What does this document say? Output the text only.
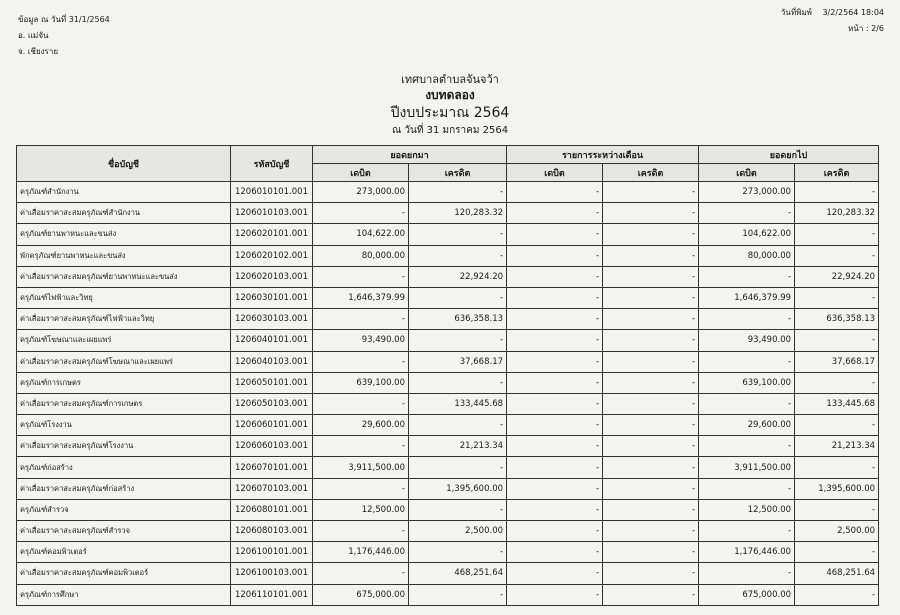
ข้อมูล ณ วันที่ 31/1/2564
อ. แม่จัน
จ. เชียงราย
วันที่พิมพ์ 3/2/2564 18:04
หน้า : 2/6
เทศบาลตำบลจันจว้า
งบทดลอง
ปีงบประมาณ 2564
ณ วันที่ 31 มกราคม 2564
ชื่อบัญชี	รหัสบัญชี	ยอดยกมา		รายการระหว่างเดือน		ยอดยกไป	
		เดบิต	เครดิต	เดบิต	เครดิต	เดบิต	เครดิต
ครุภัณฑ์สำนักงาน	1206010101.001	273,000.00	-	-	-	273,000.00	-
ค่าเสื่อมราคาสะสมครุภัณฑ์สำนักงาน	1206010103.001	-	120,283.32	-	-	-	120,283.32
ครุภัณฑ์ยานพาหนะและขนส่ง	1206020101.001	104,622.00	-	-	-	104,622.00	-
พักครุภัณฑ์ยานพาหนะและขนส่ง	1206020102.001	80,000.00	-	-	-	80,000.00	-
ค่าเสื่อมราคาสะสมครุภัณฑ์ยานพาหนะและขนส่ง	1206020103.001	-	22,924.20	-	-	-	22,924.20
ครุภัณฑ์ไฟฟ้าและวิทยุ	1206030101.001	1,646,379.99	-	-	-	1,646,379.99	-
ค่าเสื่อมราคาสะสมครุภัณฑ์ไฟฟ้าและวิทยุ	1206030103.001	-	636,358.13	-	-	-	636,358.13
ครุภัณฑ์โฆษณาและเผยแพร่	1206040101.001	93,490.00	-	-	-	93,490.00	-
ค่าเสื่อมราคาสะสมครุภัณฑ์โฆษณาและเผยแพร่	1206040103.001	-	37,668.17	-	-	-	37,668.17
ครุภัณฑ์การเกษตร	1206050101.001	639,100.00	-	-	-	639,100.00	-
ค่าเสื่อมราคาสะสมครุภัณฑ์การเกษตร	1206050103.001	-	133,445.68	-	-	-	133,445.68
ครุภัณฑ์โรงงาน	1206060101.001	29,600.00	-	-	-	29,600.00	-
ค่าเสื่อมราคาสะสมครุภัณฑ์โรงงาน	1206060103.001	-	21,213.34	-	-	-	21,213.34
ครุภัณฑ์ก่อสร้าง	1206070101.001	3,911,500.00	-	-	-	3,911,500.00	-
ค่าเสื่อมราคาสะสมครุภัณฑ์ก่อสร้าง	1206070103.001	-	1,395,600.00	-	-	-	1,395,600.00
ครุภัณฑ์สำรวจ	1206080101.001	12,500.00	-	-	-	12,500.00	-
ค่าเสื่อมราคาสะสมครุภัณฑ์สำรวจ	1206080103.001	-	2,500.00	-	-	-	2,500.00
ครุภัณฑ์คอมพิวเตอร์	1206100101.001	1,176,446.00	-	-	-	1,176,446.00	-
ค่าเสื่อมราคาสะสมครุภัณฑ์คอมพิวเตอร์	1206100103.001	-	468,251.64	-	-	-	468,251.64
ครุภัณฑ์การศึกษา	1206110101.001	675,000.00	-	-	-	675,000.00	-
